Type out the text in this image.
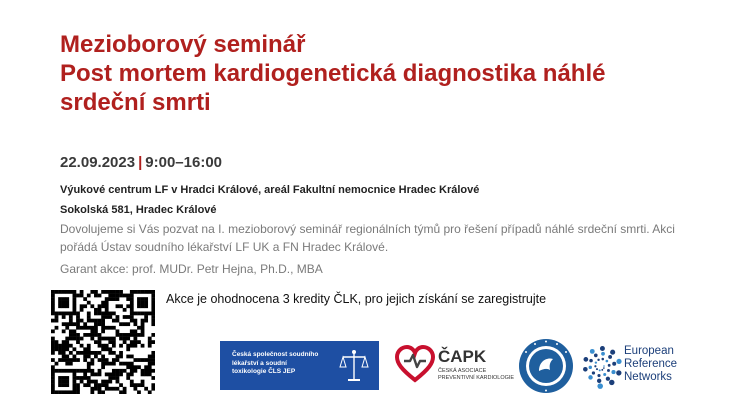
Mezioborový seminář
Post mortem kardiogenetická diagnostika náhlé
srdeční smrti
22.09.2023 | 9:00–16:00
Výukové centrum LF v Hradci Králové, areál Fakultní nemocnice Hradec Králové
Sokolská 581, Hradec Králové
Dovolujeme si Vás pozvat na I. mezioborový seminář regionálních týmů pro řešení případů náhlé srdeční smrti. Akci pořádá Ústav soudního lékařství LF UK a FN Hradec Králové.
Garant akce: prof. MUDr. Petr Hejna, Ph.D., MBA
Akce je ohodnocena 3 kredity ČLK, pro jejich získání se zaregistrujte
Česká společnost soudního
lékařství a soudní
toxikologie ČLS JEP
ČAPK
ČESKÁ ASOCIACE
PREVENTIVNÍ KARDIOLOGIE
European
Reference
Networks
